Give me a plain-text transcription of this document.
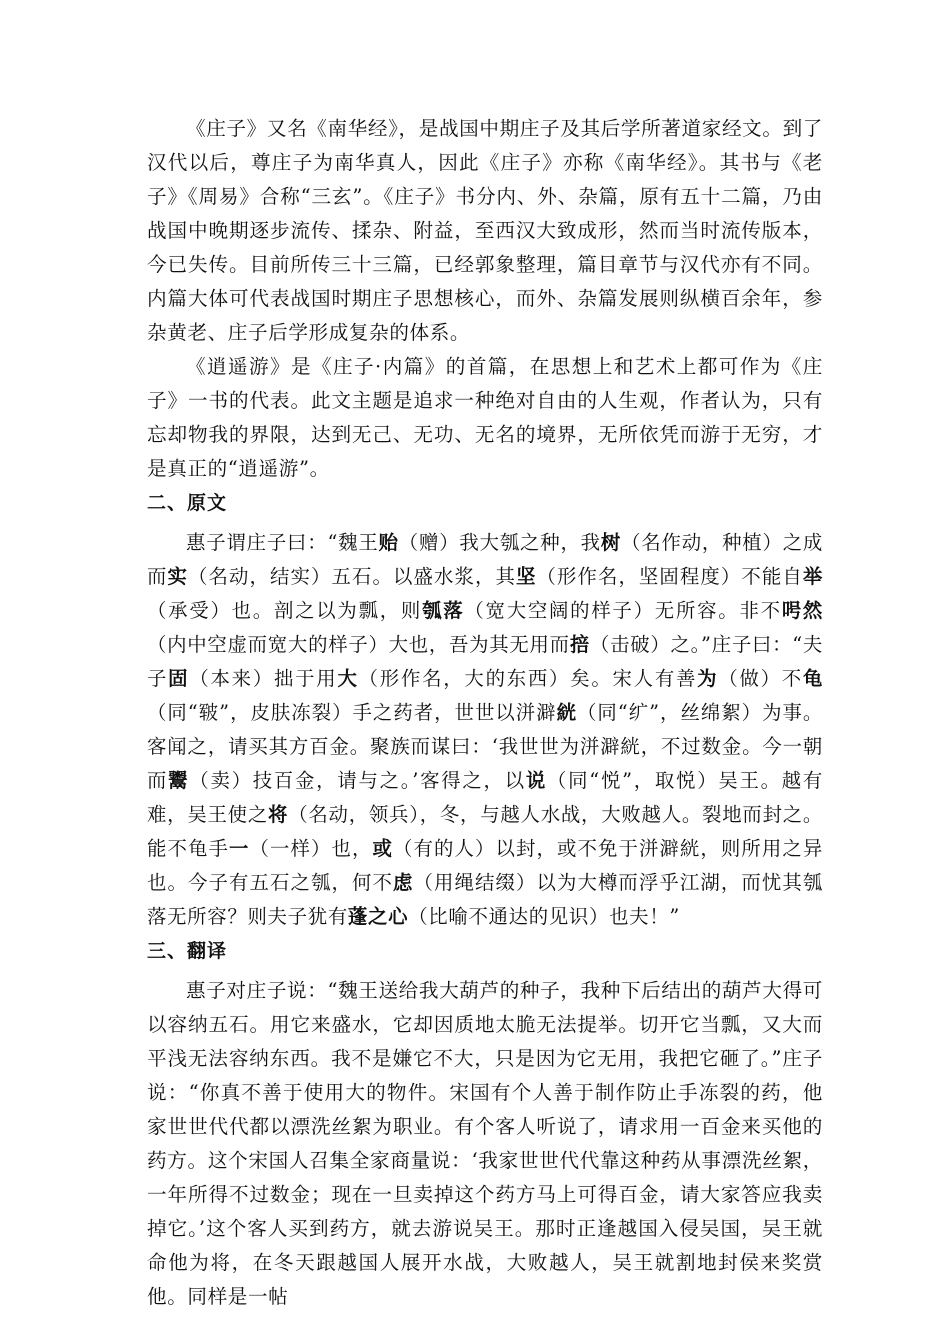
《庄子》又名《南华经》，是战国中期庄子及其后学所著道家经文。到了汉代以后，尊庄子为南华真人，因此《庄子》亦称《南华经》。其书与《老子》《周易》合称“三玄”。《庄子》书分内、外、杂篇，原有五十二篇，乃由战国中晚期逐步流传、揉杂、附益，至西汉大致成形，然而当时流传版本，今已失传。目前所传三十三篇，已经郭象整理，篇目章节与汉代亦有不同。内篇大体可代表战国时期庄子思想核心，而外、杂篇发展则纵横百余年，参杂黄老、庄子后学形成复杂的体系。

《逍遥游》是《庄子·内篇》的首篇，在思想上和艺术上都可作为《庄子》一书的代表。此文主题是追求一种绝对自由的人生观，作者认为，只有忘却物我的界限，达到无己、无功、无名的境界，无所依凭而游于无穷，才是真正的“逍遥游”。

二、原文

惠子谓庄子曰：“魏王贻（赠）我大瓠之种，我树（名作动，种植）之成而实（名动，结实）五石。以盛水浆，其坚（形作名，坚固程度）不能自举（承受）也。剖之以为瓢，则瓠落（宽大空阔的样子）无所容。非不呺然（内中空虚而宽大的样子）大也，吾为其无用而掊（击破）之。”庄子曰：“夫子固（本来）拙于用大（形作名，大的东西）矣。宋人有善为（做）不龟（同“皲”，皮肤冻裂）手之药者，世世以洴澼絖（同“纩”，丝绵絮）为事。客闻之，请买其方百金。聚族而谋曰：‘我世世为洴澼絖，不过数金。今一朝而鬻（卖）技百金，请与之。’客得之，以说（同“悦”，取悦）吴王。越有难，吴王使之将（名动，领兵），冬，与越人水战，大败越人。裂地而封之。能不龟手一（一样）也，或（有的人）以封，或不免于洴澼絖，则所用之异也。今子有五石之瓠，何不虑（用绳结缀）以为大樽而浮乎江湖，而忧其瓠落无所容？则夫子犹有蓬之心（比喻不通达的见识）也夫！”

三、翻译

惠子对庄子说：“魏王送给我大葫芦的种子，我种下后结出的葫芦大得可以容纳五石。用它来盛水，它却因质地太脆无法提举。切开它当瓢，又大而平浅无法容纳东西。我不是嫌它不大，只是因为它无用，我把它砸了。”庄子说：“你真不善于使用大的物件。宋国有个人善于制作防止手冻裂的药，他家世世代代都以漂洗丝絮为职业。有个客人听说了，请求用一百金来买他的药方。这个宋国人召集全家商量说：‘我家世世代代靠这种药从事漂洗丝絮，一年所得不过数金；现在一旦卖掉这个药方马上可得百金，请大家答应我卖掉它。’这个客人买到药方，就去游说吴王。那时正逢越国入侵吴国，吴王就命他为将，在冬天跟越国人展开水战，大败越人，吴王就割地封侯来奖赏他。同样是一帖
